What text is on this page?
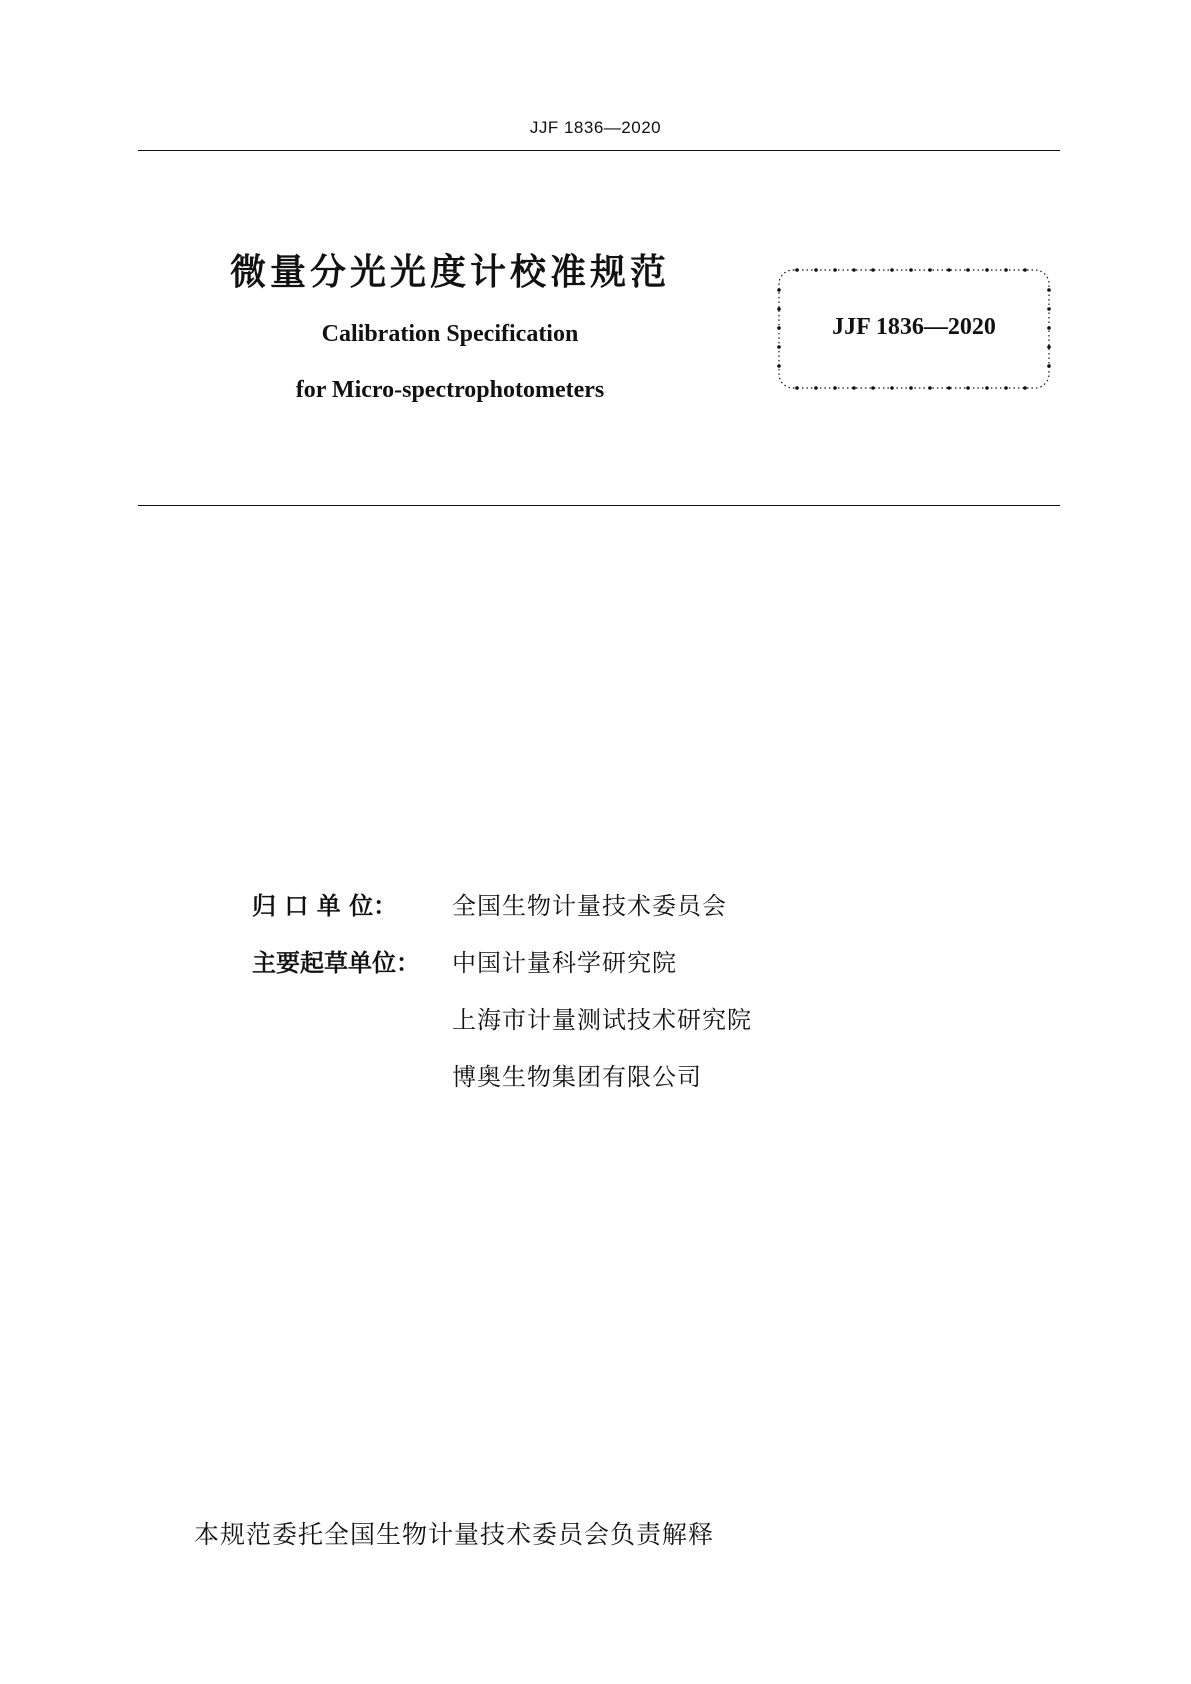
JJF 1836—2020
微量分光光度计校准规范
Calibration Specification
for Micro-spectrophotometers
JJF 1836—2020
归 口 单 位：	全国生物计量技术委员会
主要起草单位：	中国计量科学研究院
上海市计量测试技术研究院
博奥生物集团有限公司
本规范委托全国生物计量技术委员会负责解释
